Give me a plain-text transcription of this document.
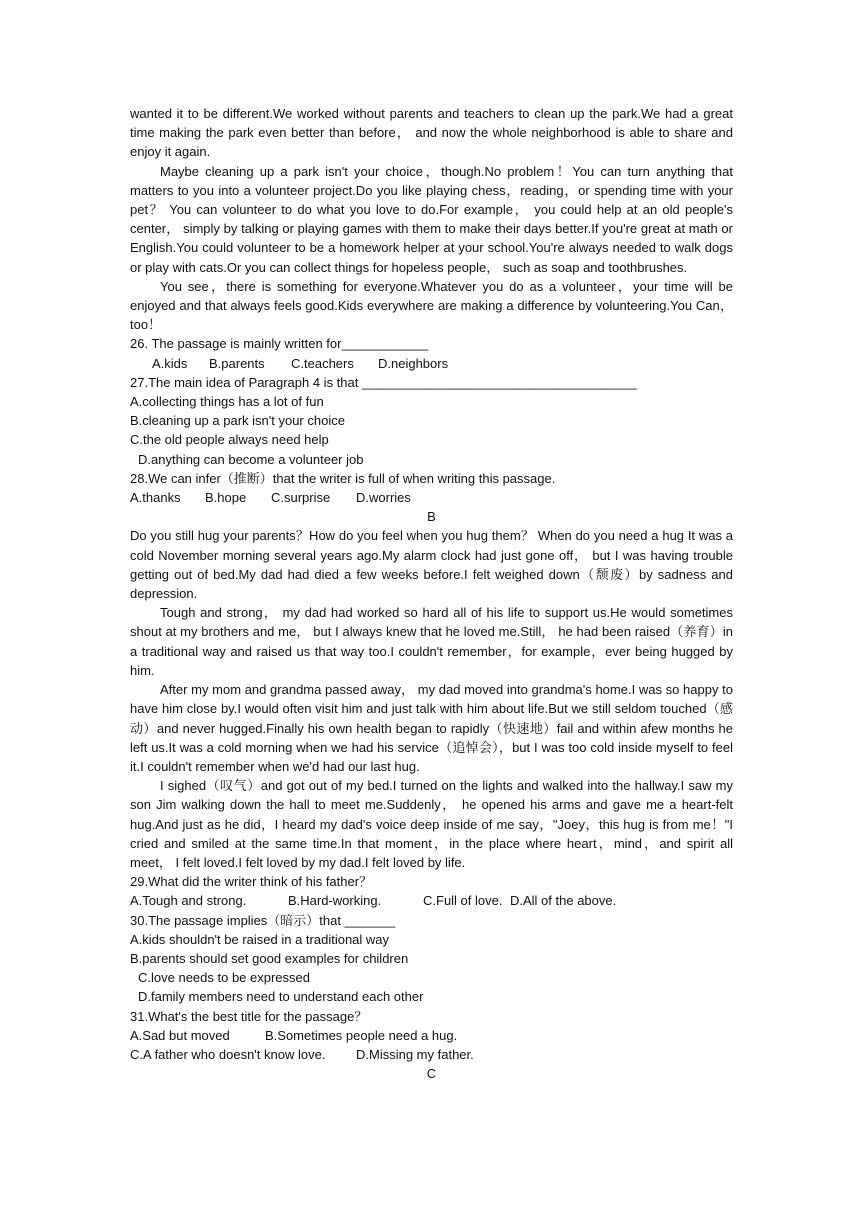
wanted it to be different.We worked without parents and teachers to clean up the park.We had a great time making the park even better than before， and now the whole neighborhood is able to share and enjoy it again.

Maybe cleaning up a park isn't your choice，though.No problem！You can turn anything that matters to you into a volunteer project.Do you like playing chess，reading，or spending time with your pet？ You can volunteer to do what you love to do.For example， you could help at an old people's center， simply by talking or playing games with them to make their days better.If you're great at math or English.You could volunteer to be a homework helper at your school.You're always needed to walk dogs or play with cats.Or you can collect things for hopeless people， such as soap and toothbrushes.

You see，there is something for everyone.Whatever you do as a volunteer，your time will be enjoyed and that always feels good.Kids everywhere are making a difference by volunteering.You Can，too！

26. The passage is mainly written for____________

A.kids B.parents C.teachers D.neighbors

27.The main idea of Paragraph 4 is that ______________________________________

A.collecting things has a lot of fun

B.cleaning up a park isn't your choice

C.the old people always need help

D.anything can become a volunteer job

28.We can infer（推断）that the writer is full of when writing this passage.

A.thanks B.hope C.surprise D.worries

B

Do you still hug your parents？How do you feel when you hug them？ When do you need a hug It was a cold November morning several years ago.My alarm clock had just gone off， but I was having trouble getting out of bed.My dad had died a few weeks before.I felt weighed down（颓废）by sadness and depression.

Tough and strong， my dad had worked so hard all of his life to support us.He would sometimes shout at my brothers and me， but I always knew that he loved me.Still， he had been raised（养育）in a traditional way and raised us that way too.I couldn't remember，for example，ever being hugged by him.

After my mom and grandma passed away， my dad moved into grandma's home.I was so happy to have him close by.I would often visit him and just talk with him about life.But we still seldom touched（感动）and never hugged.Finally his own health began to rapidly（快速地）fail and within afew months he left us.It was a cold morning when we had his service（追悼会），but I was too cold inside myself to feel it.I couldn't remember when we'd had our last hug.

I sighed（叹气）and got out of my bed.I turned on the lights and walked into the hallway.I saw my son Jim walking down the hall to meet me.Suddenly， he opened his arms and gave me a heart-felt hug.And just as he did，I heard my dad's voice deep inside of me say，"Joey，this hug is from me！"I cried and smiled at the same time.In that moment，in the place where heart，mind，and spirit all meet， I felt loved.I felt loved by my dad.I felt loved by life.

29.What did the writer think of his father？

A.Tough and strong.	B.Hard-working.	C.Full of love. D.All of the above.

30.The passage implies（暗示）that _______

A.kids shouldn't be raised in a traditional way

B.parents should set good examples for children

C.love needs to be expressed

D.family members need to understand each other

31.What's the best title for the passage？

A.Sad but moved	B.Sometimes people need a hug.

C.A father who doesn't know love. D.Missing my father.

C
